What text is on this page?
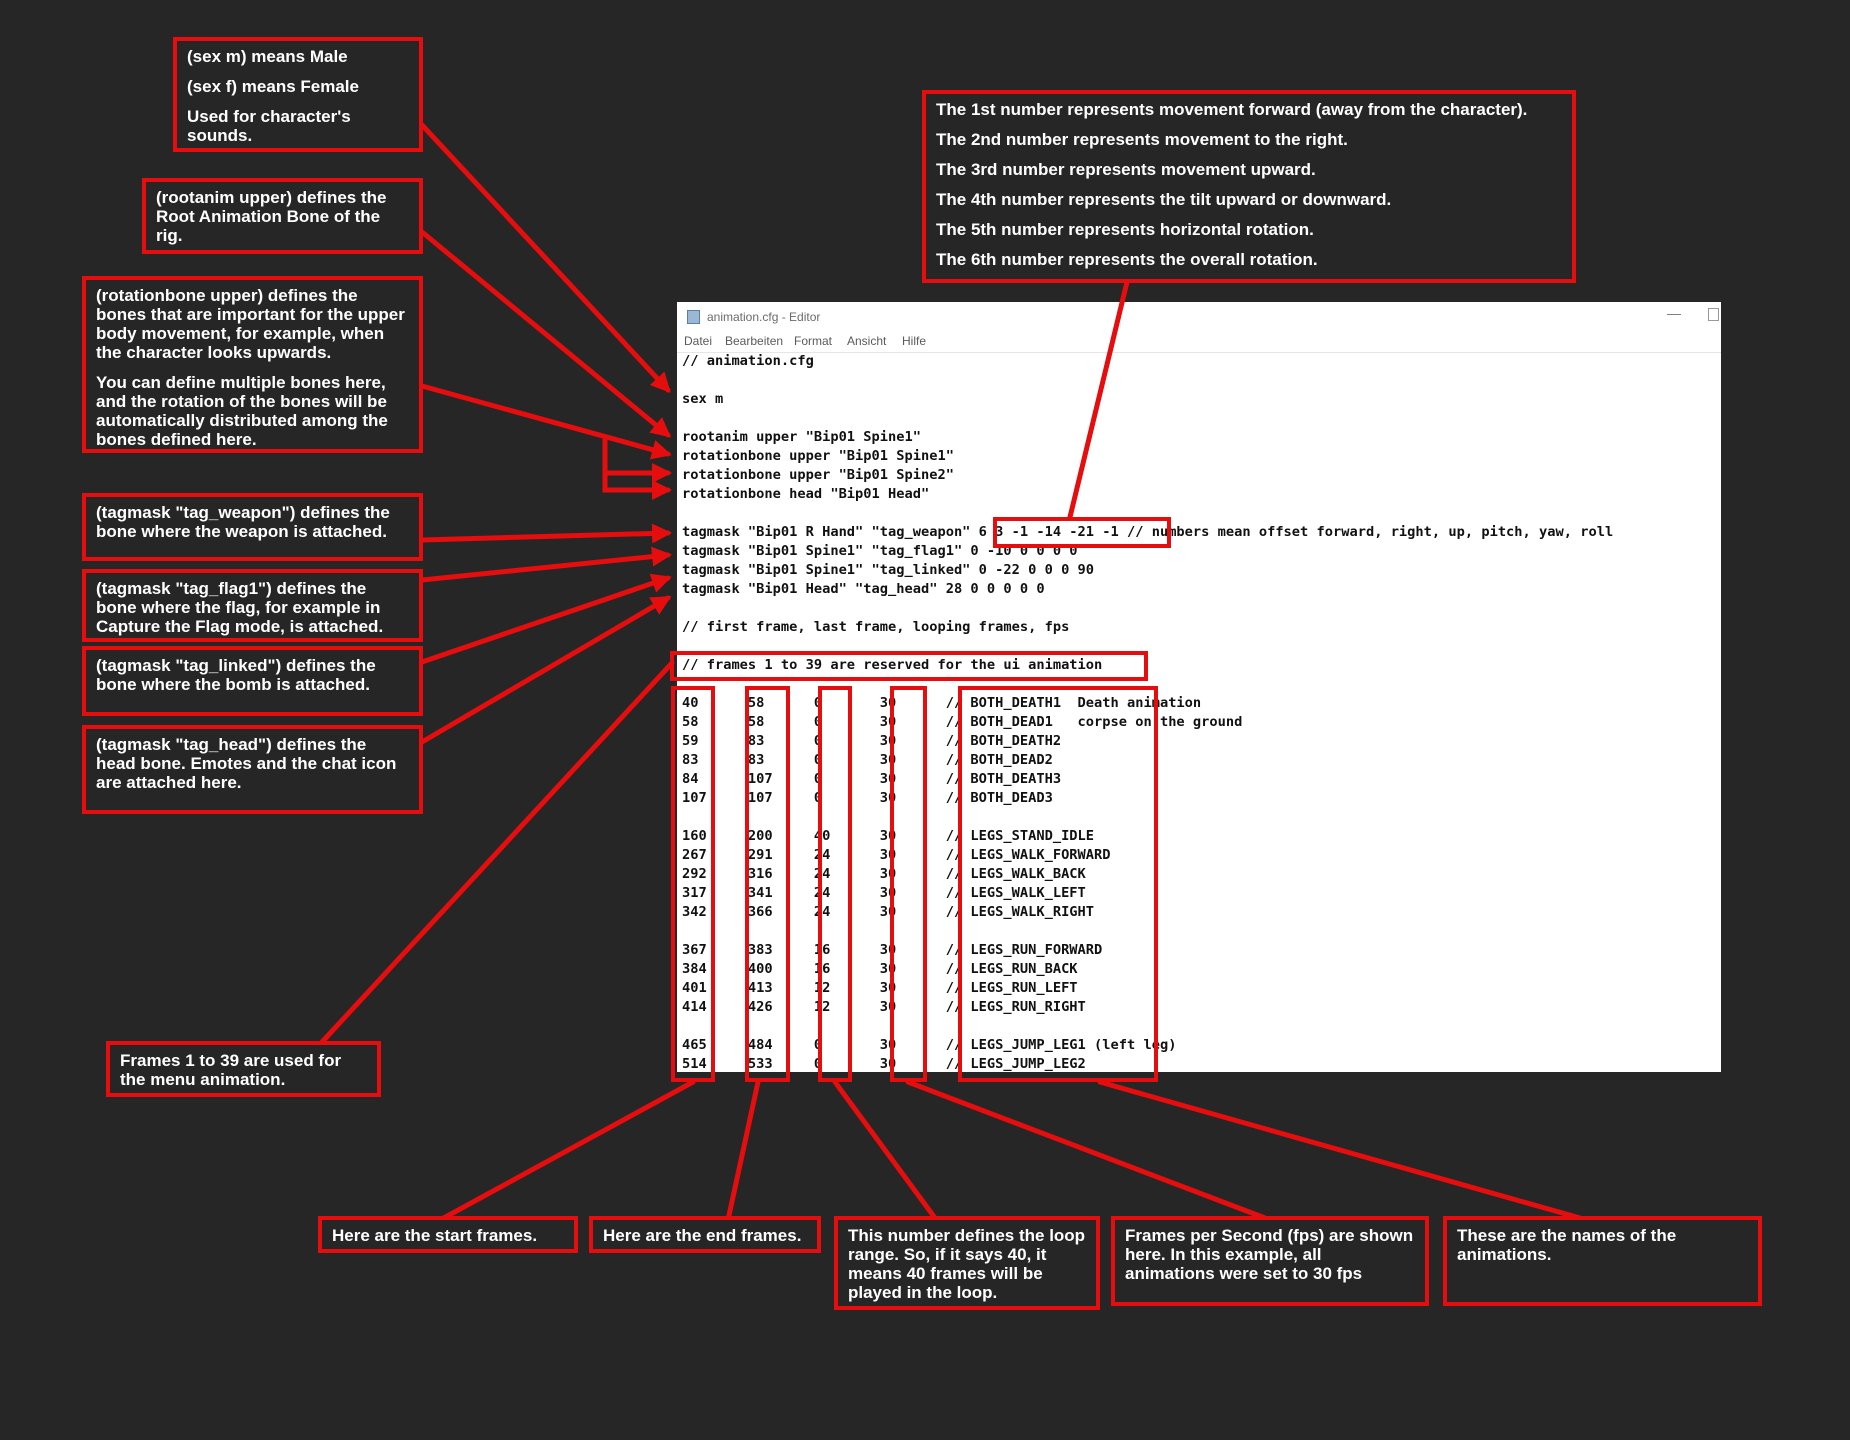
animation.cfg - Editor	—
Datei Bearbeiten Format Ansicht Hilfe
// animation.cfg
sex m
rootanim upper "Bip01 Spine1"
rotationbone upper "Bip01 Spine1"
rotationbone upper "Bip01 Spine2"
rotationbone head "Bip01 Head"
tagmask "Bip01 R Hand" "tag_weapon" 6 3 -1 -14 -21 -1 // numbers mean offset forward, right, up, pitch, yaw, roll
tagmask "Bip01 Spine1" "tag_flag1" 0 -10 0 0 0 0
tagmask "Bip01 Spine1" "tag_linked" 0 -22 0 0 0 90
tagmask "Bip01 Head" "tag_head" 28 0 0 0 0 0
// first frame, last frame, looping frames, fps
// frames 1 to 39 are reserved for the ui animation
40      58      0       30      // BOTH_DEATH1  Death animation
58      58      0       30      // BOTH_DEAD1   corpse on the ground
59      83      0       30      // BOTH_DEATH2
83      83      0       30      // BOTH_DEAD2
84      107     0       30      // BOTH_DEATH3
107     107     0       30      // BOTH_DEAD3
160     200     40      30      // LEGS_STAND_IDLE
267     291     24      30      // LEGS_WALK_FORWARD
292     316     24      30      // LEGS_WALK_BACK
317     341     24      30      // LEGS_WALK_LEFT
342     366     24      30      // LEGS_WALK_RIGHT
367     383     16      30      // LEGS_RUN_FORWARD
384     400     16      30      // LEGS_RUN_BACK
401     413     12      30      // LEGS_RUN_LEFT
414     426     12      30      // LEGS_RUN_RIGHT
465     484     0       30      // LEGS_JUMP_LEG1 (left leg)
514     533     0       30      // LEGS_JUMP_LEG2

(sex m) means Male

(sex f) means Female

Used for character's sounds.

(rootanim upper) defines the Root Animation Bone of the rig.

(rotationbone upper) defines the bones that are important for the upper body movement, for example, when the character looks upwards.

You can define multiple bones here, and the rotation of the bones will be automatically distributed among the bones defined here.

(tagmask "tag_weapon") defines the bone where the weapon is attached.

(tagmask "tag_flag1") defines the bone where the flag, for example in Capture the Flag mode, is attached.

(tagmask "tag_linked") defines the bone where the bomb is attached.

(tagmask "tag_head") defines the head bone. Emotes and the chat icon are attached here.

Frames 1 to 39 are used for the menu animation.

The 1st number represents movement forward (away from the character).

The 2nd number represents movement to the right.

The 3rd number represents movement upward.

The 4th number represents the tilt upward or downward.

The 5th number represents horizontal rotation.

The 6th number represents the overall rotation.

Here are the start frames.	Here are the end frames.	This number defines the loop range. So, if it says 40, it means 40 frames will be played in the loop.

Frames per Second (fps) are shown here. In this example, all animations were set to 30 fps

These are the names of the animations.
